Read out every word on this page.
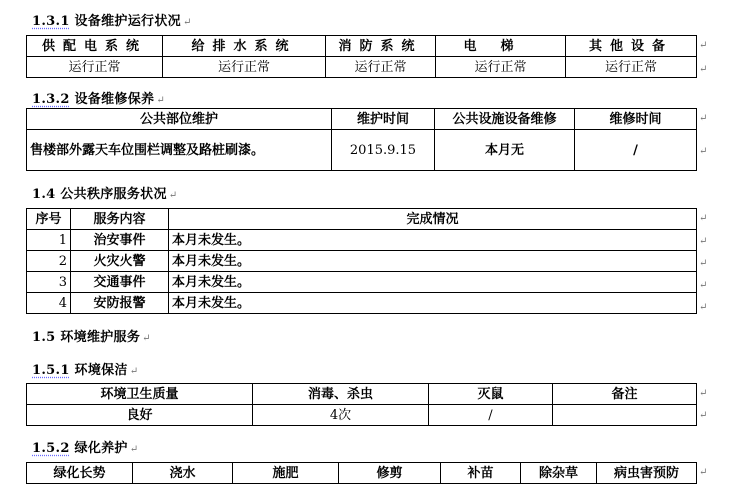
1.3.1 设备维护运行状况 ↵
供配电系统	给排水系统	消防系统	电梯	其他设备
运行正常	运行正常	运行正常	运行正常	运行正常
1.3.2 设备维修保养 ↵
公共部位维护	维护时间	公共设施设备维修	维修时间
售楼部外露天车位围栏调整及路桩刷漆。	2015.9.15	本月无	/
1.4 公共秩序服务状况 ↵
序号	服务内容	完成情况
1	治安事件	本月未发生。
2	火灾火警	本月未发生。
3	交通事件	本月未发生。
4	安防报警	本月未发生。
1.5 环境维护服务 ↵
1.5.1 环境保洁 ↵
环境卫生质量	消毒、杀虫	灭鼠	备注
良好	4次	/	
1.5.2 绿化养护 ↵
绿化长势	浇水	施肥	修剪	补苗	除杂草	病虫害预防
↵
↵
↵
↵
↵
↵
↵
↵
↵
↵
↵
↵
